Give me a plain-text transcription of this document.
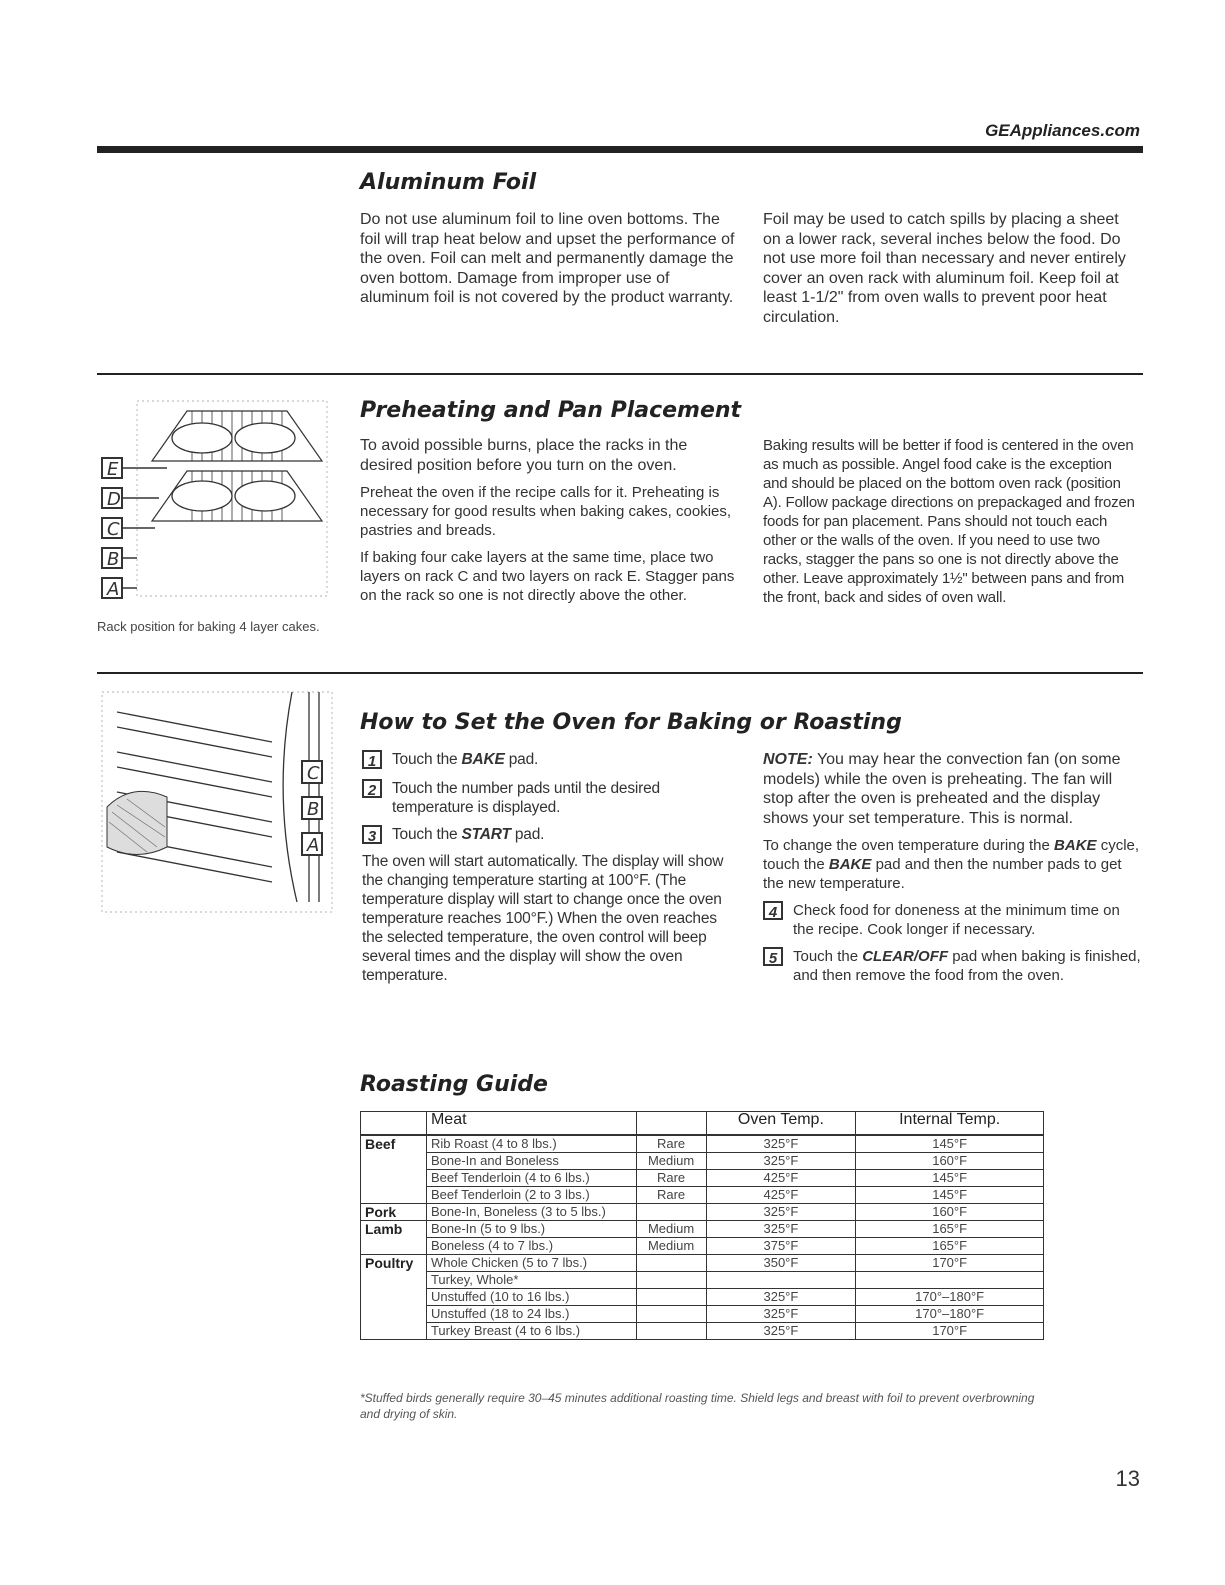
GEAppliances.com
Aluminum Foil
Do not use aluminum foil to line oven bottoms. The foil will trap heat below and upset the performance of the oven. Foil can melt and permanently damage the oven bottom. Damage from improper use of aluminum foil is not covered by the product warranty.
Foil may be used to catch spills by placing a sheet on a lower rack, several inches below the food. Do not use more foil than necessary and never entirely cover an oven rack with aluminum foil. Keep foil at least 1-1/2" from oven walls to prevent poor heat circulation.
E
D
C
B
A
Rack position for baking 4 layer cakes.
Preheating and Pan Placement

To avoid possible burns, place the racks in the desired position before you turn on the oven.

Preheat the oven if the recipe calls for it. Preheating is necessary for good results when baking cakes, cookies, pastries and breads.

If baking four cake layers at the same time, place two layers on rack C and two layers on rack E. Stagger pans on the rack so one is not directly above the other.

Baking results will be better if food is centered in the oven as much as possible. Angel food cake is the exception and should be placed on the bottom oven rack (position A). Follow package directions on prepackaged and frozen foods for pan placement. Pans should not touch each other or the walls of the oven. If you need to use two racks, stagger the pans so one is not directly above the other. Leave approximately 1½" between pans and from the front, back and sides of oven wall.
C
B
A
How to Set the Oven for Baking or Roasting
1	Touch the BAKE pad.
2	Touch the number pads until the desired temperature is displayed.
3	Touch the START pad.

The oven will start automatically. The display will show the changing temperature starting at 100°F. (The temperature display will start to change once the oven temperature reaches 100°F.) When the oven reaches the selected temperature, the oven control will beep several times and the display will show the oven temperature.

NOTE: You may hear the convection fan (on some models) while the oven is preheating. The fan will stop after the oven is preheated and the display shows your set temperature. This is normal.

To change the oven temperature during the BAKE cycle, touch the BAKE pad and then the number pads to get the new temperature.

4	Check food for doneness at the minimum time on the recipe. Cook longer if necessary.
5	Touch the CLEAR/OFF pad when baking is finished, and then remove the food from the oven.
Roasting Guide
	Meat		Oven Temp.	Internal Temp.
Beef	Rib Roast (4 to 8 lbs.)	Rare	325°F	145°F
	Bone-In and Boneless	Medium	325°F	160°F
	Beef Tenderloin (4 to 6 lbs.)	Rare	425°F	145°F
	Beef Tenderloin (2 to 3 lbs.)	Rare	425°F	145°F
Pork	Bone-In, Boneless (3 to 5 lbs.)		325°F	160°F
Lamb	Bone-In (5 to 9 lbs.)	Medium	325°F	165°F
	Boneless (4 to 7 lbs.)	Medium	375°F	165°F
Poultry	Whole Chicken (5 to 7 lbs.)		350°F	170°F
	Turkey, Whole*			
	Unstuffed (10 to 16 lbs.)		325°F	170°–180°F
	Unstuffed (18 to 24 lbs.)		325°F	170°–180°F
	Turkey Breast (4 to 6 lbs.)		325°F	170°F
*Stuffed birds generally require 30–45 minutes additional roasting time. Shield legs and breast with foil to prevent overbrowning and drying of skin.
13
